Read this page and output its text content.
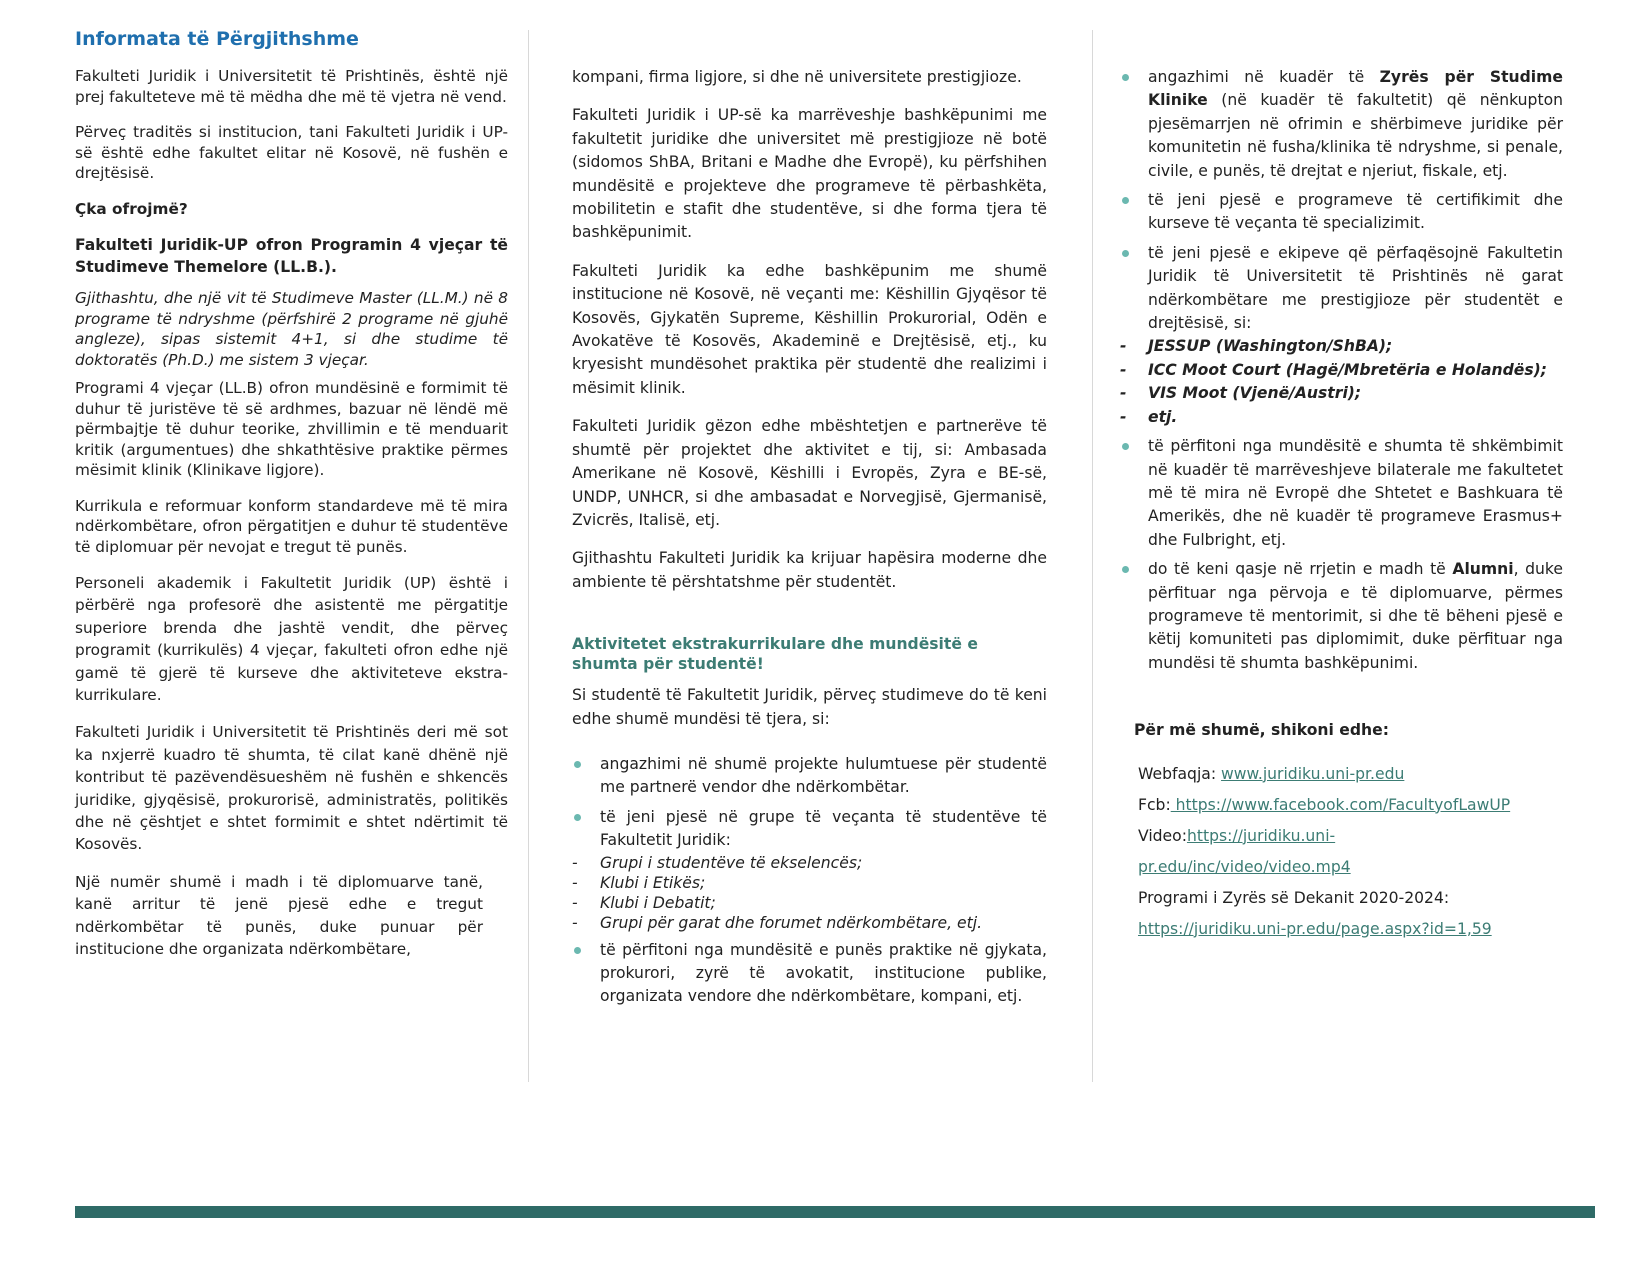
Informata të Përgjithshme

Fakulteti Juridik i Universitetit të Prishtinës, është një prej fakulteteve më të mëdha dhe më të vjetra në vend.

Përveç traditës si institucion, tani Fakulteti Juridik i UP-së është edhe fakultet elitar në Kosovë, në fushën e drejtësisë.

Çka ofrojmë?

Fakulteti Juridik-UP ofron Programin 4 vjeçar të Studimeve Themelore (LL.B.).

Gjithashtu, dhe një vit të Studimeve Master (LL.M.) në 8 programe të ndryshme (përfshirë 2 programe në gjuhë angleze), sipas sistemit 4+1, si dhe studime të doktoratës (Ph.D.) me sistem 3 vjeçar.

Programi 4 vjeçar (LL.B) ofron mundësinë e formimit të duhur të juristëve të së ardhmes, bazuar në lëndë më përmbajtje të duhur teorike, zhvillimin e të menduarit kritik (argumentues) dhe shkathtësive praktike përmes mësimit klinik (Klinikave ligjore).

Kurrikula e reformuar konform standardeve më të mira ndërkombëtare, ofron përgatitjen e duhur të studentëve të diplomuar për nevojat e tregut të punës.

Personeli akademik i Fakultetit Juridik (UP) është i përbërë nga profesorë dhe asistentë me përgatitje superiore brenda dhe jashtë vendit, dhe përveç programit (kurrikulës) 4 vjeçar, fakulteti ofron edhe një gamë të gjerë të kurseve dhe aktiviteteve ekstra-kurrikulare.

Fakulteti Juridik i Universitetit të Prishtinës deri më sot ka nxjerrë kuadro të shumta, të cilat kanë dhënë një kontribut të pazëvendësueshëm në fushën e shkencës juridike, gjyqësisë, prokurorisë, administratës, politikës dhe në çështjet e shtet formimit e shtet ndërtimit të Kosovës.

Një numër shumë i madh i të diplomuarve tanë, kanë arritur të jenë pjesë edhe e tregut ndërkombëtar të punës, duke punuar për institucione dhe organizata ndërkombëtare,

kompani, firma ligjore, si dhe në universitete prestigjioze.

Fakulteti Juridik i UP-së ka marrëveshje bashkëpunimi me fakultetit juridike dhe universitet më prestigjioze në botë (sidomos ShBA, Britani e Madhe dhe Evropë), ku përfshihen mundësitë e projekteve dhe programeve të përbashkëta, mobilitetin e stafit dhe studentëve, si dhe forma tjera të bashkëpunimit.

Fakulteti Juridik ka edhe bashkëpunim me shumë institucione në Kosovë, në veçanti me: Këshillin Gjyqësor të Kosovës, Gjykatën Supreme, Këshillin Prokurorial, Odën e Avokatëve të Kosovës, Akademinë e Drejtësisë, etj., ku kryesisht mundësohet praktika për studentë dhe realizimi i mësimit klinik.

Fakulteti Juridik gëzon edhe mbështetjen e partnerëve të shumtë për projektet dhe aktivitet e tij, si: Ambasada Amerikane në Kosovë, Këshilli i Evropës, Zyra e BE-së, UNDP, UNHCR, si dhe ambasadat e Norvegjisë, Gjermanisë, Zvicrës, Italisë, etj.

Gjithashtu Fakulteti Juridik ka krijuar hapësira moderne dhe ambiente të përshtatshme për studentët.

Aktivitetet ekstrakurrikulare dhe mundësitë e shumta për studentë!

Si studentë të Fakultetit Juridik, përveç studimeve do të keni edhe shumë mundësi të tjera, si:

angazhimi në shumë projekte hulumtuese për studentë me partnerë vendor dhe ndërkombëtar.
të jeni pjesë në grupe të veçanta të studentëve të Fakultetit Juridik:
- Grupi i studentëve të ekselencës;
- Klubi i Etikës;
- Klubi i Debatit;
- Grupi për garat dhe forumet ndërkombëtare, etj.
të përfitoni nga mundësitë e punës praktike në gjykata, prokurori, zyrë të avokatit, institucione publike, organizata vendore dhe ndërkombëtare, kompani, etj.
angazhimi në kuadër të Zyrës për Studime Klinike (në kuadër të fakultetit) që nënkupton pjesëmarrjen në ofrimin e shërbimeve juridike për komunitetin në fusha/klinika të ndryshme, si penale, civile, e punës, të drejtat e njeriut, fiskale, etj.
të jeni pjesë e programeve të certifikimit dhe kurseve të veçanta të specializimit.
të jeni pjesë e ekipeve që përfaqësojnë Fakultetin Juridik të Universitetit të Prishtinës në garat ndërkombëtare me prestigjioze për studentët e drejtësisë, si:
- JESSUP (Washington/ShBA);
- ICC Moot Court (Hagë/Mbretëria e Holandës);
- VIS Moot (Vjenë/Austri);
- etj.
të përfitoni nga mundësitë e shumta të shkëmbimit në kuadër të marrëveshjeve bilaterale me fakultetet më të mira në Evropë dhe Shtetet e Bashkuara të Amerikës, dhe në kuadër të programeve Erasmus+ dhe Fulbright, etj.
do të keni qasje në rrjetin e madh të Alumni, duke përfituar nga përvoja e të diplomuarve, përmes programeve të mentorimit, si dhe të bëheni pjesë e këtij komuniteti pas diplomimit, duke përfituar nga mundësi të shumta bashkëpunimi.

Për më shumë, shikoni edhe:

Webfaqja: www.juridiku.uni-pr.edu

Fcb: https://www.facebook.com/FacultyofLawUP

Video:https://juridiku.uni-pr.edu/inc/video/video.mp4

Programi i Zyrës së Dekanit 2020-2024:

https://juridiku.uni-pr.edu/page.aspx?id=1,59
